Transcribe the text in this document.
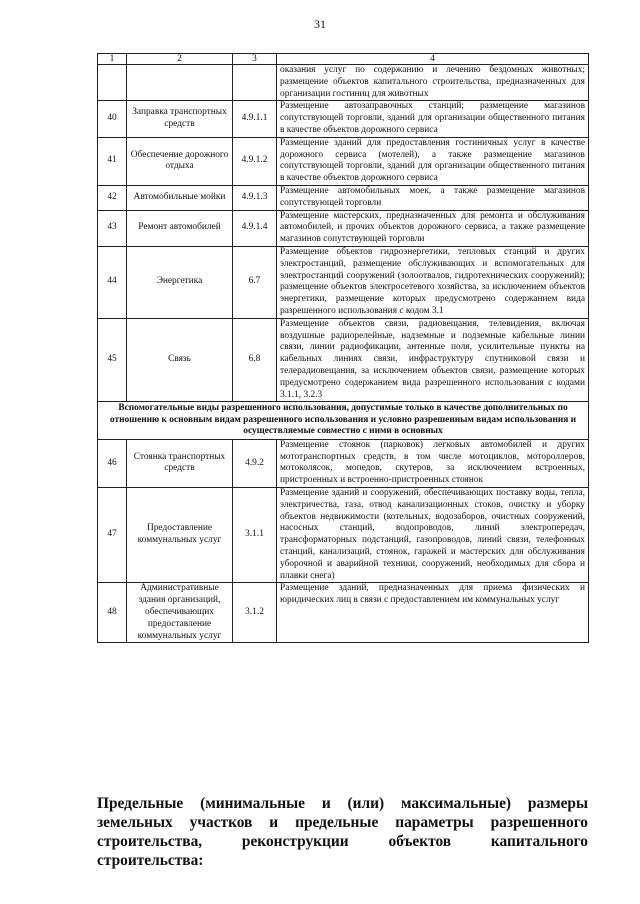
31
1	2	3	4
			оказания услуг по содержанию и лечению бездомных животных; размещение объектов капитального строительства, предназначенных для организации гостиниц для животных
40	Заправка транспортных средств	4.9.1.1	Размещение автозаправочных станций; размещение магазинов сопутствующей торговли, зданий для организации общественного питания в качестве объектов дорожного сервиса
41	Обеспечение дорожного отдыха	4.9.1.2	Размещение зданий для предоставления гостиничных услуг в качестве дорожного сервиса (мотелей), а также размещение магазинов сопутствующей торговли, зданий для организации общественного питания в качестве объектов дорожного сервиса
42	Автомобильные мойки	4.9.1.3	Размещение автомобильных моек, а также размещение магазинов сопутствующей торговли
43	Ремонт автомобилей	4.9.1.4	Размещение мастерских, предназначенных для ремонта и обслуживания автомобилей, и прочих объектов дорожного сервиса, а также размещение магазинов сопутствующей торговли
44	Энергетика	6.7	Размещение объектов гидроэнергетики, тепловых станций и других электростанций, размещение обслуживающих и вспомогательных для электростанций сооружений (золоотвалов, гидротехнических сооружений); размещение объектов электросетевого хозяйства, за исключением объектов энергетики, размещение которых предусмотрено содержанием вида разрешенного использования с кодом 3.1
45	Связь	6.8	Размещение объектов связи, радиовещания, телевидения, включая воздушные радиорелейные, надземные и подземные кабельные линии связи, линии радиофикации, антенные поля, усилительные пункты на кабельных линиях связи, инфраструктуру спутниковой связи и телерадиовещания, за исключением объектов связи, размещение которых предусмотрено содержанием вида разрешенного использования с кодами 3.1.1, 3.2.3
Вспомогательные виды разрешенного использования, допустимые только в качестве дополнительных по отношению к основным видам разрешенного использования и условно разрешенным видам использования и осуществляемые совместно с ними в основных			
46	Стоянка транспортных средств	4.9.2	Размещение стоянок (парковок) легковых автомобилей и других мототранспортных средств, в том числе мотоциклов, мотороллеров, мотоколясок, мопедов, скутеров, за исключением встроенных, пристроенных и встроенно-пристроенных стоянок
47	Предоставление коммунальных услуг	3.1.1	Размещение зданий и сооружений, обеспечивающих поставку воды, тепла, электричества, газа, отвод канализационных стоков, очистку и уборку объектов недвижимости (котельных, водозаборов, очистных сооружений, насосных станций, водопроводов, линий электропередач, трансформаторных подстанций, газопроводов, линий связи, телефонных станций, канализаций, стоянок, гаражей и мастерских для обслуживания уборочной и аварийной техники, сооружений, необходимых для сбора и плавки снега)
48	Административные здания организаций, обеспечивающих предоставление коммунальных услуг	3.1.2	Размещение зданий, предназначенных для приема физических и юридических лиц в связи с предоставлением им коммунальных услуг
Предельные (минимальные и (или) максимальные) размеры
земельных участков и предельные параметры разрешенного
строительства, реконструкции объектов капитального строительства:
